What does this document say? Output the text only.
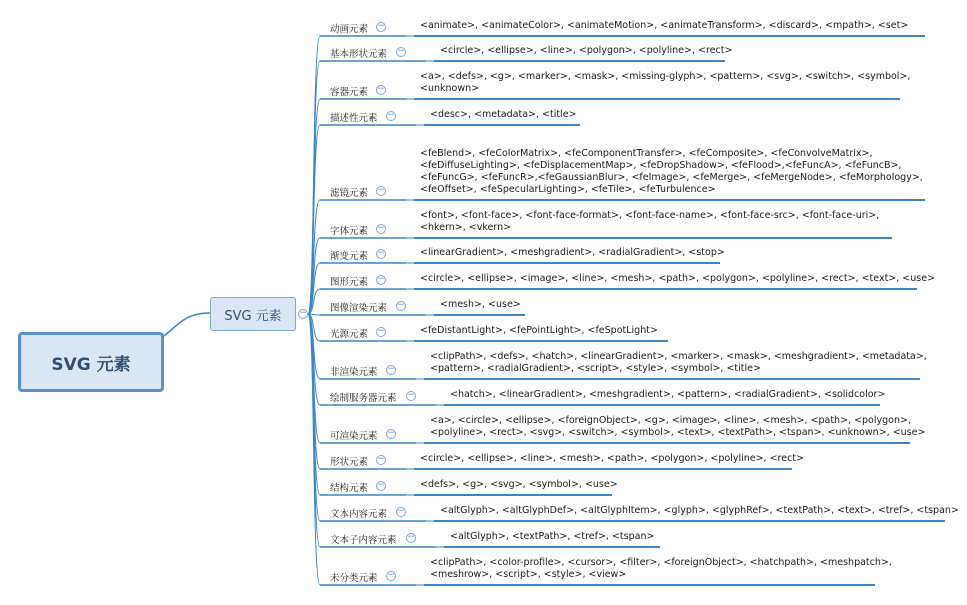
SVG 元素
SVG 元素 −
动画元素 −	<animate>, <animateColor>, <animateMotion>, <animateTransform>, <discard>, <mpath>, <set>
基本形状元素 −	<circle>, <ellipse>, <line>, <polygon>, <polyline>, <rect>
容器元素 −
<a>, <defs>, <g>, <marker>, <mask>, <missing-glyph>, <pattern>, <svg>, <switch>, <symbol>,
<unknown>
描述性元素 −	<desc>, <metadata>, <title>
滤镜元素 −
<feBlend>, <feColorMatrix>, <feComponentTransfer>, <feComposite>, <feConvolveMatrix>,
<feDiffuseLighting>, <feDisplacementMap>, <feDropShadow>, <feFlood>,<feFuncA>, <feFuncB>,
<feFuncG>, <feFuncR>,<feGaussianBlur>, <feImage>, <feMerge>, <feMergeNode>, <feMorphology>,
<feOffset>, <feSpecularLighting>, <feTile>, <feTurbulence>
字体元素 −
<font>, <font-face>, <font-face-format>, <font-face-name>, <font-face-src>, <font-face-uri>,
<hkern>, <vkern>
渐变元素 −	<linearGradient>, <meshgradient>, <radialGradient>, <stop>
图形元素 −	<circle>, <ellipse>, <image>, <line>, <mesh>, <path>, <polygon>, <polyline>, <rect>, <text>, <use>
图像渲染元素 −	<mesh>, <use>
光源元素 −	<feDistantLight>, <fePointLight>, <feSpotLight>
非渲染元素 −
<clipPath>, <defs>, <hatch>, <linearGradient>, <marker>, <mask>, <meshgradient>, <metadata>,
<pattern>, <radialGradient>, <script>, <style>, <symbol>, <title>
绘制服务器元素 −	<hatch>, <linearGradient>, <meshgradient>, <pattern>, <radialGradient>, <solidcolor>
可渲染元素 −
<a>, <circle>, <ellipse>, <foreignObject>, <g>, <image>, <line>, <mesh>, <path>, <polygon>,
<polyline>, <rect>, <svg>, <switch>, <symbol>, <text>, <textPath>, <tspan>, <unknown>, <use>
形状元素 −	<circle>, <ellipse>, <line>, <mesh>, <path>, <polygon>, <polyline>, <rect>
结构元素 −	<defs>, <g>, <svg>, <symbol>, <use>
文本内容元素 −	<altGlyph>, <altGlyphDef>, <altGlyphItem>, <glyph>, <glyphRef>, <textPath>, <text>, <tref>, <tspan>
文本子内容元素 −	<altGlyph>, <textPath>, <tref>, <tspan>
未分类元素 −
<clipPath>, <color-profile>, <cursor>, <filter>, <foreignObject>, <hatchpath>, <meshpatch>,
<meshrow>, <script>, <style>, <view>
